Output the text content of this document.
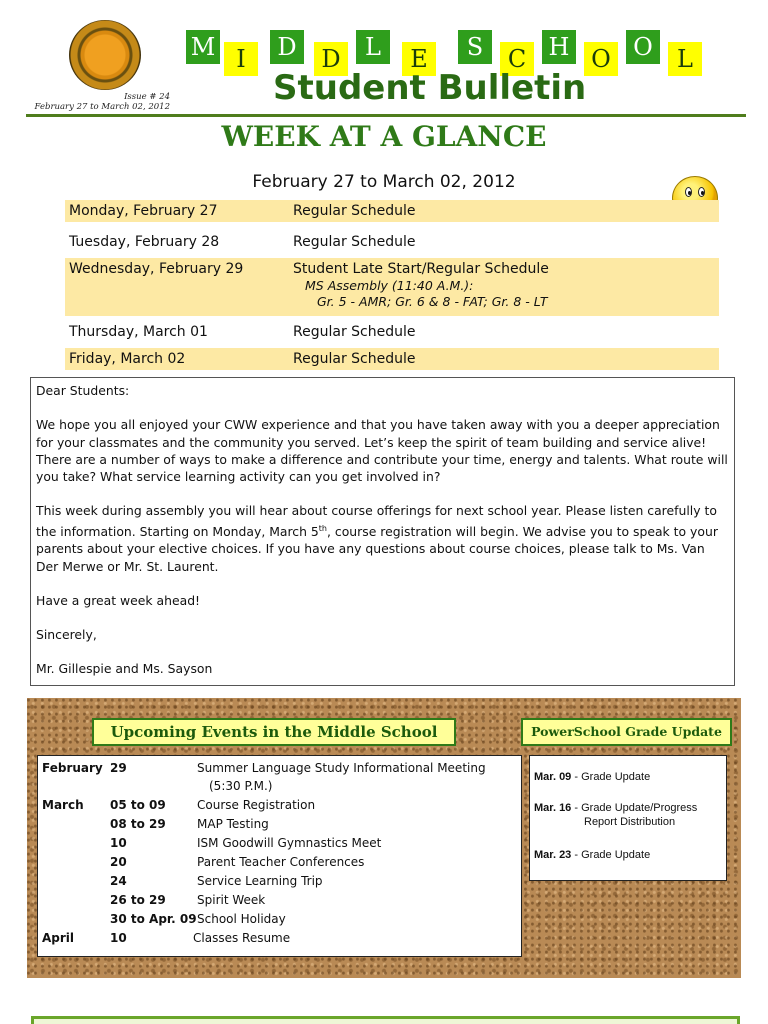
Issue # 24
February 27 to March 02, 2012
M I	D	D	L	E	S	C H O O	L
Student Bulletin
WEEK AT A GLANCE
February 27 to March 02, 2012
Monday, February 27	Regular Schedule
Tuesday, February 28	Regular Schedule
Wednesday, February 29	Student Late Start/Regular Schedule
MS Assembly (11:40 A.M.):
Gr. 5 - AMR; Gr. 6 & 8 - FAT; Gr. 8 - LT
Thursday, March 01	Regular Schedule
Friday, March 02	Regular Schedule

Dear Students:

We hope you all enjoyed your CWW experience and that you have taken away with you a deeper appreciation for your classmates and the community you served. Let’s keep the spirit of team building and service alive! There are a number of ways to make a difference and contribute your time, energy and talents. What route will you take? What service learning activity can you get involved in?

This week during assembly you will hear about course offerings for next school year. Please listen carefully to the information. Starting on Monday, March 5th, course registration will begin. We advise you to speak to your parents about your elective choices. If you have any questions about course choices, please talk to Ms. Van Der Merwe or Mr. St. Laurent.

Have a great week ahead!

Sincerely,

Mr. Gillespie and Ms. Sayson

Upcoming Events in the Middle School	PowerSchool Grade Update
February 29	Summer Language Study Informational Meeting
(5:30 P.M.)
March 05 to 09	Course Registration
08 to 29	MAP Testing
10	ISM Goodwill Gymnastics Meet
20	Parent Teacher Conferences
24	Service Learning Trip
26 to 29	Spirit Week
30 to Apr. 09 School Holiday
April	10	Classes Resume
Mar. 09 - Grade Update
Mar. 16 - Grade Update/Progress
Report Distribution
Mar. 23 - Grade Update
